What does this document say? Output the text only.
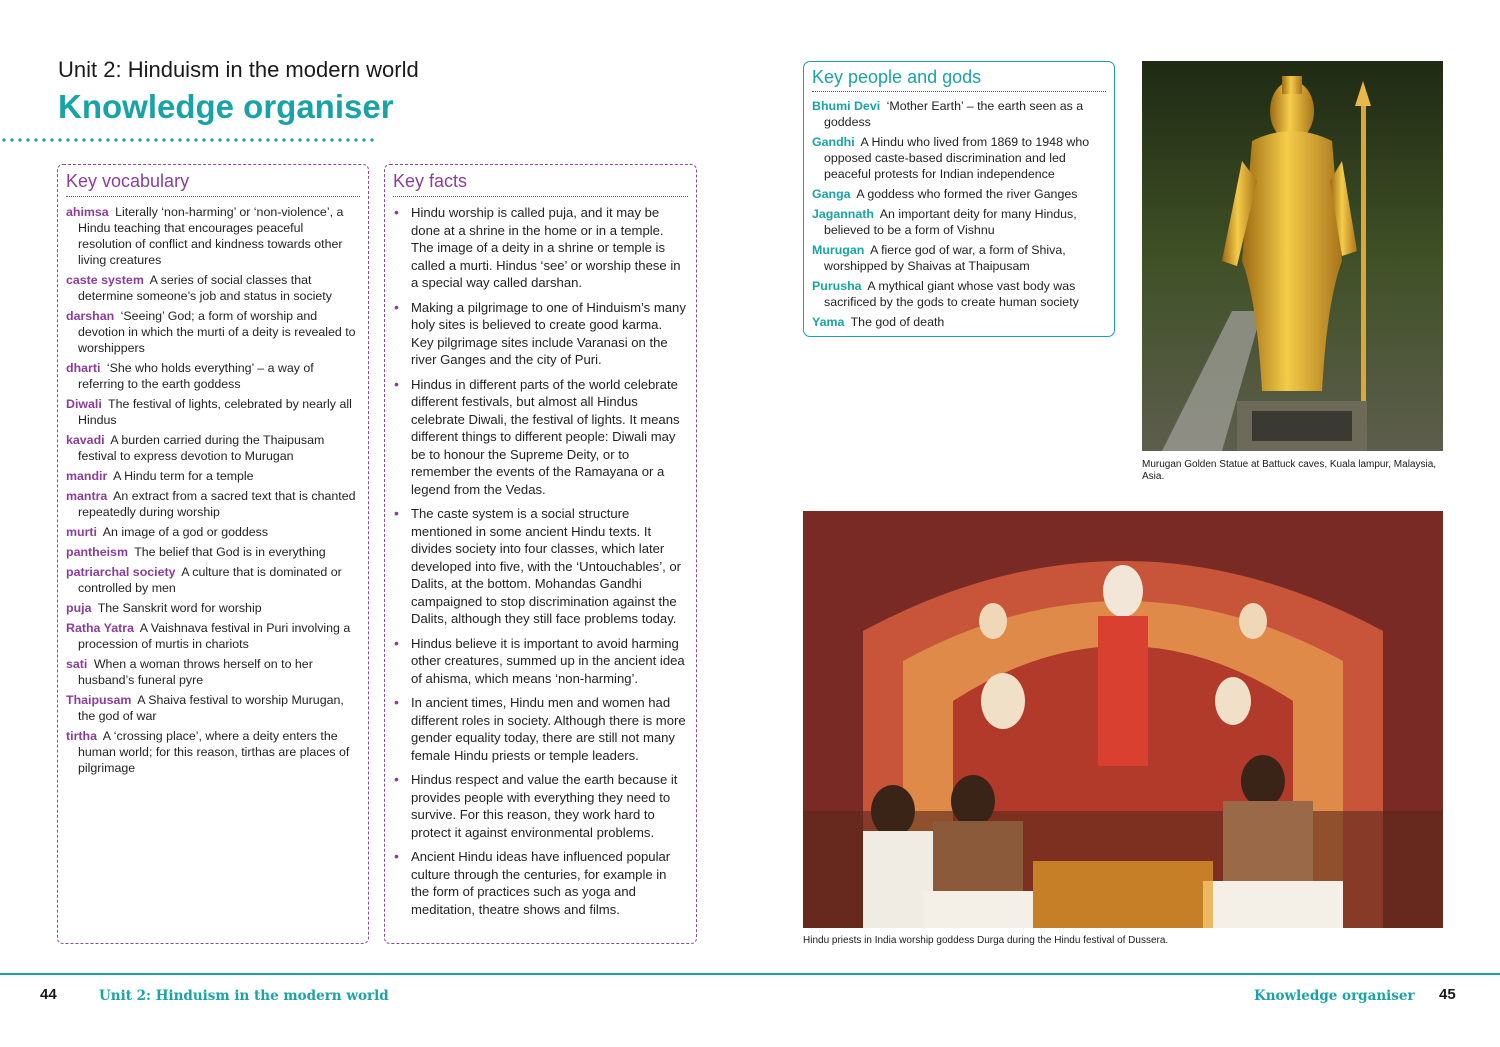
Unit 2: Hinduism in the modern world
Knowledge organiser
Key vocabulary

ahimsa Literally ‘non-harming’ or ‘non-violence’, a Hindu teaching that encourages peaceful resolution of conflict and kindness towards other living creatures

caste system A series of social classes that determine someone’s job and status in society

darshan ‘Seeing’ God; a form of worship and devotion in which the murti of a deity is revealed to worshippers

dharti ‘She who holds everything’ – a way of referring to the earth goddess

Diwali The festival of lights, celebrated by nearly all Hindus

kavadi A burden carried during the Thaipusam festival to express devotion to Murugan

mandir A Hindu term for a temple

mantra An extract from a sacred text that is chanted repeatedly during worship

murti An image of a god or goddess

pantheism The belief that God is in everything

patriarchal society A culture that is dominated or controlled by men

puja The Sanskrit word for worship

Ratha Yatra A Vaishnava festival in Puri involving a procession of murtis in chariots

sati When a woman throws herself on to her husband’s funeral pyre

Thaipusam A Shaiva festival to worship Murugan, the god of war

tirtha A ‘crossing place’, where a deity enters the human world; for this reason, tirthas are places of pilgrimage

Key facts
• Hindu worship is called puja, and it may be done at a shrine in the home or in a temple. The image of a deity in a shrine or temple is called a murti. Hindus ‘see’ or worship these in a special way called darshan.
• Making a pilgrimage to one of Hinduism’s many holy sites is believed to create good karma. Key pilgrimage sites include Varanasi on the river Ganges and the city of Puri.
• Hindus in different parts of the world celebrate different festivals, but almost all Hindus celebrate Diwali, the festival of lights. It means different things to different people: Diwali may be to honour the Supreme Deity, or to remember the events of the Ramayana or a legend from the Vedas.
• The caste system is a social structure mentioned in some ancient Hindu texts. It divides society into four classes, which later developed into five, with the ‘Untouchables’, or Dalits, at the bottom. Mohandas Gandhi campaigned to stop discrimination against the Dalits, although they still face problems today.
• Hindus believe it is important to avoid harming other creatures, summed up in the ancient idea of ahisma, which means ‘non-harming’.
• In ancient times, Hindu men and women had different roles in society. Although there is more gender equality today, there are still not many female Hindu priests or temple leaders.
• Hindus respect and value the earth because it provides people with everything they need to survive. For this reason, they work hard to protect it against environmental problems.
• Ancient Hindu ideas have influenced popular culture through the centuries, for example in the form of practices such as yoga and meditation, theatre shows and films.
Key people and gods

Bhumi Devi ‘Mother Earth’ – the earth seen as a goddess

Gandhi A Hindu who lived from 1869 to 1948 who opposed caste-based discrimination and led peaceful protests for Indian independence

Ganga A goddess who formed the river Ganges

Jagannath An important deity for many Hindus, believed to be a form of Vishnu

Murugan A fierce god of war, a form of Shiva, worshipped by Shaivas at Thaipusam

Purusha A mythical giant whose vast body was sacrificed by the gods to create human society

Yama The god of death

Murugan Golden Statue at Battuck caves, Kuala lampur, Malaysia, Asia.
Hindu priests in India worship goddess Durga during the Hindu festival of Dussera.
44	Unit 2: Hinduism in the modern world	Knowledge organiser 45
